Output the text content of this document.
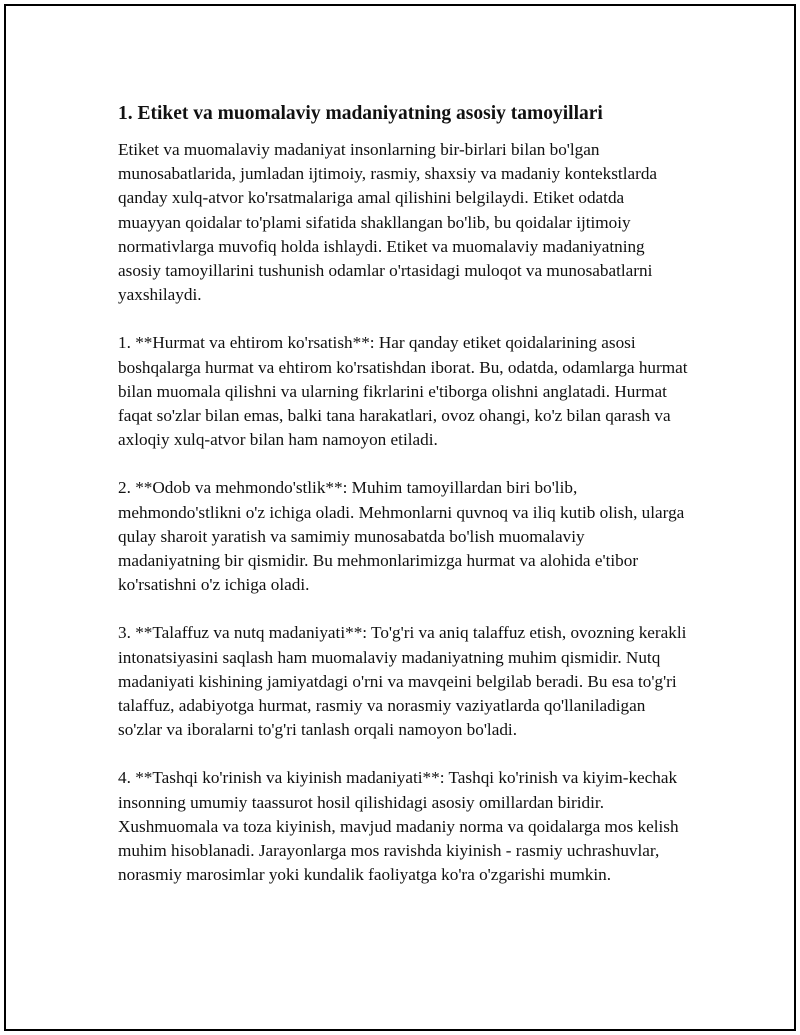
1. Etiket va muomalaviy madaniyatning asosiy tamoyillari

Etiket va muomalaviy madaniyat insonlarning bir-birlari bilan bo'lgan munosabatlarida, jumladan ijtimoiy, rasmiy, shaxsiy va madaniy kontekstlarda qanday xulq-atvor ko'rsatmalariga amal qilishini belgilaydi. Etiket odatda muayyan qoidalar to'plami sifatida shakllangan bo'lib, bu qoidalar ijtimoiy normativlarga muvofiq holda ishlaydi. Etiket va muomalaviy madaniyatning asosiy tamoyillarini tushunish odamlar o'rtasidagi muloqot va munosabatlarni yaxshilaydi.

1. **Hurmat va ehtirom ko'rsatish**: Har qanday etiket qoidalarining asosi boshqalarga hurmat va ehtirom ko'rsatishdan iborat. Bu, odatda, odamlarga hurmat bilan muomala qilishni va ularning fikrlarini e'tiborga olishni anglatadi. Hurmat faqat so'zlar bilan emas, balki tana harakatlari, ovoz ohangi, ko'z bilan qarash va axloqiy xulq-atvor bilan ham namoyon etiladi.

2. **Odob va mehmondo'stlik**: Muhim tamoyillardan biri bo'lib, mehmondo'stlikni o'z ichiga oladi. Mehmonlarni quvnoq va iliq kutib olish, ularga qulay sharoit yaratish va samimiy munosabatda bo'lish muomalaviy madaniyatning bir qismidir. Bu mehmonlarimizga hurmat va alohida e'tibor ko'rsatishni o'z ichiga oladi.

3. **Talaffuz va nutq madaniyati**: To'g'ri va aniq talaffuz etish, ovozning kerakli intonatsiyasini saqlash ham muomalaviy madaniyatning muhim qismidir. Nutq madaniyati kishining jamiyatdagi o'rni va mavqeini belgilab beradi. Bu esa to'g'ri talaffuz, adabiyotga hurmat, rasmiy va norasmiy vaziyatlarda qo'llaniladigan so'zlar va iboralarni to'g'ri tanlash orqali namoyon bo'ladi.

4. **Tashqi ko'rinish va kiyinish madaniyati**: Tashqi ko'rinish va kiyim-kechak insonning umumiy taassurot hosil qilishidagi asosiy omillardan biridir. Xushmuomala va toza kiyinish, mavjud madaniy norma va qoidalarga mos kelish muhim hisoblanadi. Jarayonlarga mos ravishda kiyinish - rasmiy uchrashuvlar, norasmiy marosimlar yoki kundalik faoliyatga ko'ra o'zgarishi mumkin.
